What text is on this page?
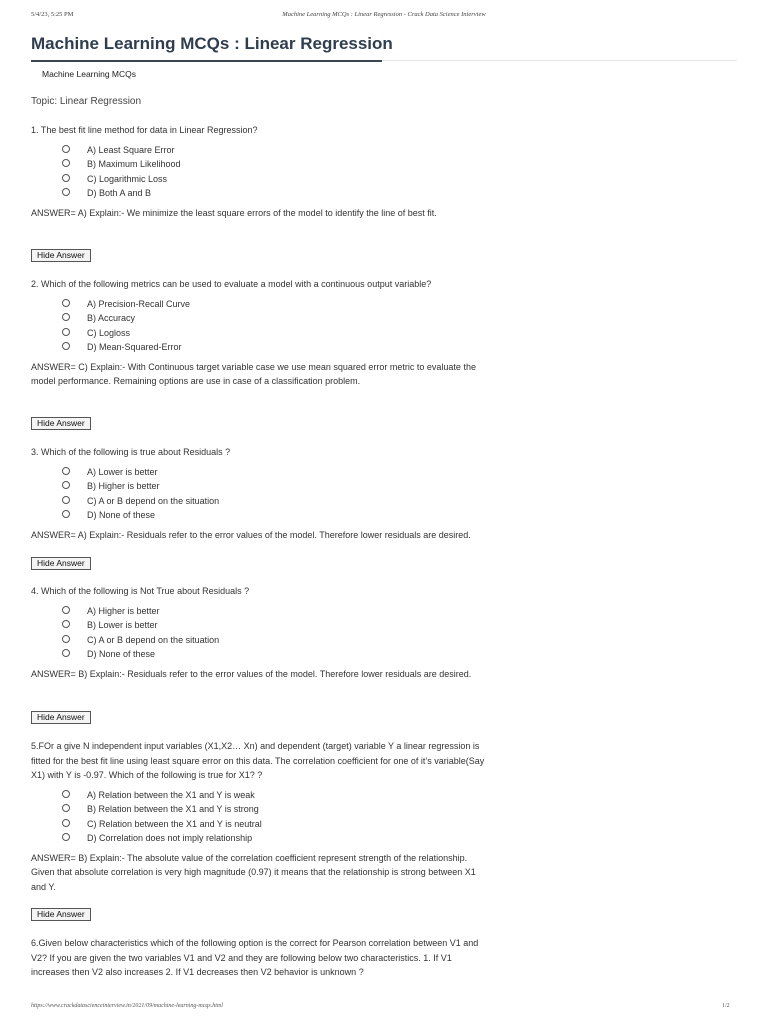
5/4/23, 5:25 PM	Machine Learning MCQs : Linear Regression - Crack Data Science Interview
Machine Learning MCQs : Linear Regression
Machine Learning MCQs
Topic: Linear Regression

1. The best fit line method for data in Linear Regression?

A) Least Square Error
B) Maximum Likelihood
C) Logarithmic Loss
D) Both A and B

ANSWER= A) Explain:- We minimize the least square errors of the model to identify the line of best fit.

Hide Answer

2. Which of the following metrics can be used to evaluate a model with a continuous output variable?

A) Precision-Recall Curve
B) Accuracy
C) Logloss
D) Mean-Squared-Error

ANSWER= C) Explain:- With Continuous target variable case we use mean squared error metric to evaluate the model performance. Remaining options are use in case of a classification problem.

Hide Answer

3. Which of the following is true about Residuals ?

A) Lower is better
B) Higher is better
C) A or B depend on the situation
D) None of these

ANSWER= A) Explain:- Residuals refer to the error values of the model. Therefore lower residuals are desired.

Hide Answer

4. Which of the following is Not True about Residuals ?

A) Higher is better
B) Lower is better
C) A or B depend on the situation
D) None of these

ANSWER= B) Explain:- Residuals refer to the error values of the model. Therefore lower residuals are desired.

Hide Answer

5.FOr a give N independent input variables (X1,X2… Xn) and dependent (target) variable Y a linear regression is fitted for the best fit line using least square error on this data. The correlation coefficient for one of it’s variable(Say X1) with Y is -0.97. Which of the following is true for X1? ?

A) Relation between the X1 and Y is weak
B) Relation between the X1 and Y is strong
C) Relation between the X1 and Y is neutral
D) Correlation does not imply relationship

ANSWER= B) Explain:- The absolute value of the correlation coefficient represent strength of the relationship. Given that absolute correlation is very high magnitude (0.97) it means that the relationship is strong between X1 and Y.

Hide Answer

6.Given below characteristics which of the following option is the correct for Pearson correlation between V1 and V2? If you are given the two variables V1 and V2 and they are following below two characteristics. 1. If V1 increases then V2 also increases 2. If V1 decreases then V2 behavior is unknown ?

https://www.crackdatascienceinterview.in/2021/09/machine-learning-mcqs.html	1/2
